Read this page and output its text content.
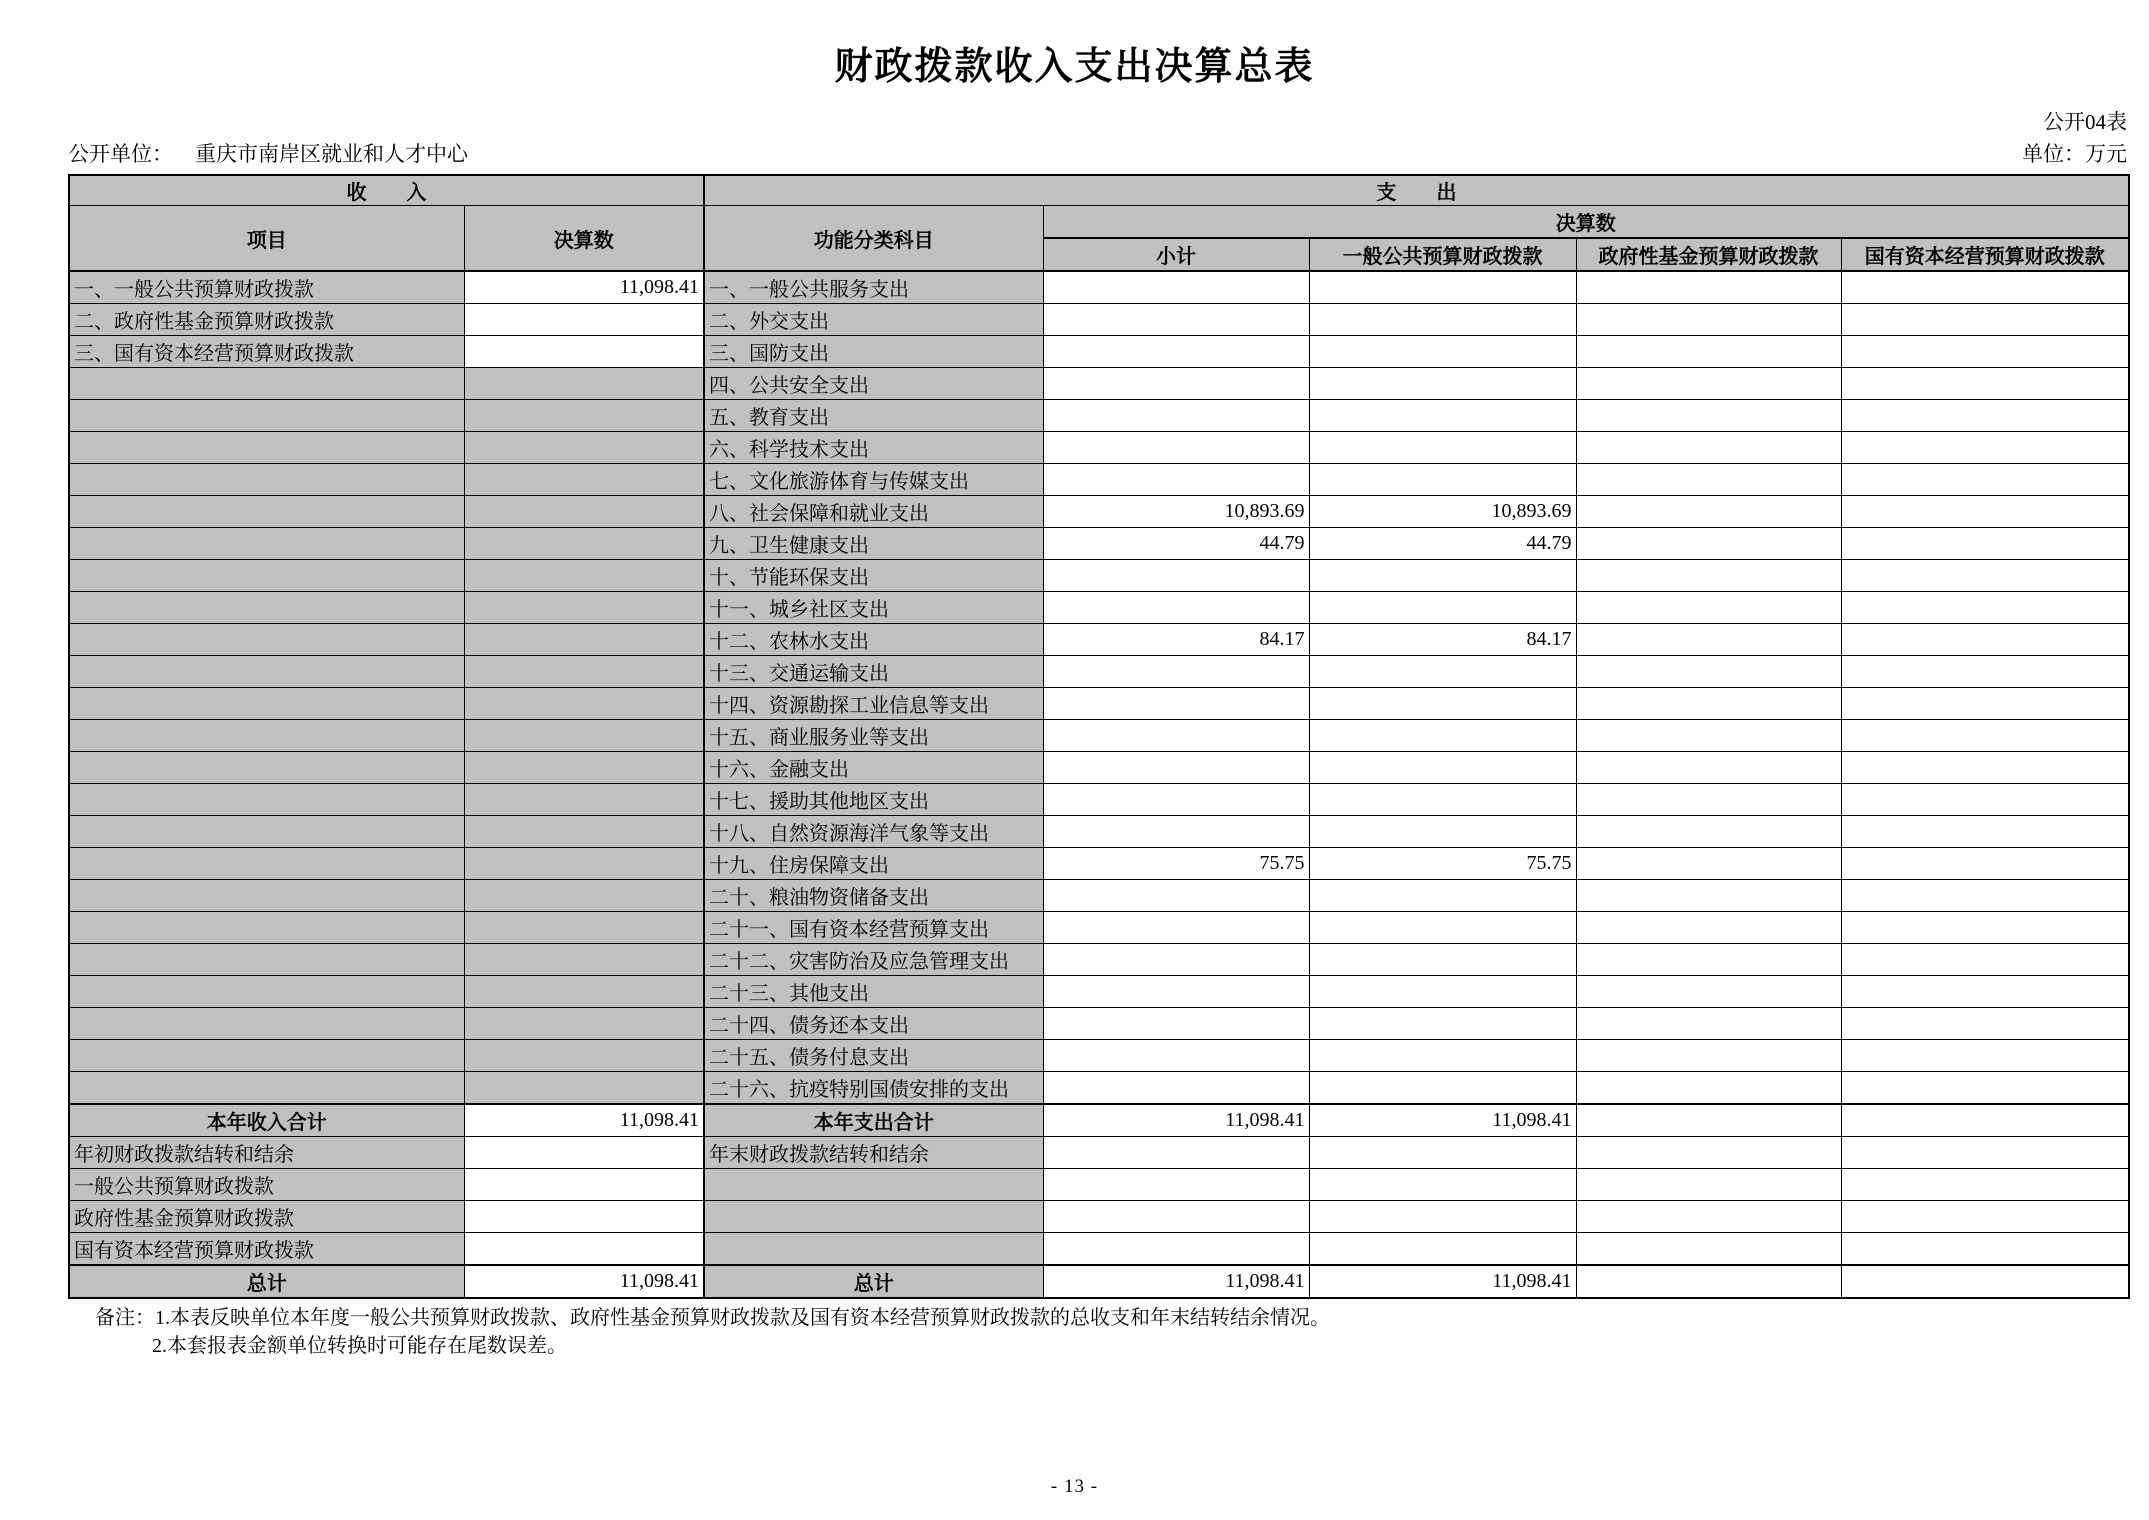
财政拨款收入支出决算总表
公开04表
公开单位： 重庆市南岸区就业和人才中心	单位：万元
收　　入		支　　出				
项目	决算数	功能分类科目	决算数			
			小计	一般公共预算财政拨款	政府性基金预算财政拨款	国有资本经营预算财政拨款
一、一般公共预算财政拨款	11,098.41	一、一般公共服务支出				
二、政府性基金预算财政拨款		二、外交支出				
三、国有资本经营预算财政拨款		三、国防支出				
		四、公共安全支出				
		五、教育支出				
		六、科学技术支出				
		七、文化旅游体育与传媒支出				
		八、社会保障和就业支出	10,893.69	10,893.69		
		九、卫生健康支出	44.79	44.79		
		十、节能环保支出				
		十一、城乡社区支出				
		十二、农林水支出	84.17	84.17		
		十三、交通运输支出				
		十四、资源勘探工业信息等支出				
		十五、商业服务业等支出				
		十六、金融支出				
		十七、援助其他地区支出				
		十八、自然资源海洋气象等支出				
		十九、住房保障支出	75.75	75.75		
		二十、粮油物资储备支出				
		二十一、国有资本经营预算支出				
		二十二、灾害防治及应急管理支出				
		二十三、其他支出				
		二十四、债务还本支出				
		二十五、债务付息支出				
		二十六、抗疫特别国债安排的支出				
本年收入合计	11,098.41	本年支出合计	11,098.41	11,098.41		
年初财政拨款结转和结余		年末财政拨款结转和结余				
一般公共预算财政拨款						
政府性基金预算财政拨款						
国有资本经营预算财政拨款						
总计	11,098.41	总计	11,098.41	11,098.41		
备注：1.本表反映单位本年度一般公共预算财政拨款、政府性基金预算财政拨款及国有资本经营预算财政拨款的总收支和年末结转结余情况。
2.本套报表金额单位转换时可能存在尾数误差。
- 13 -
